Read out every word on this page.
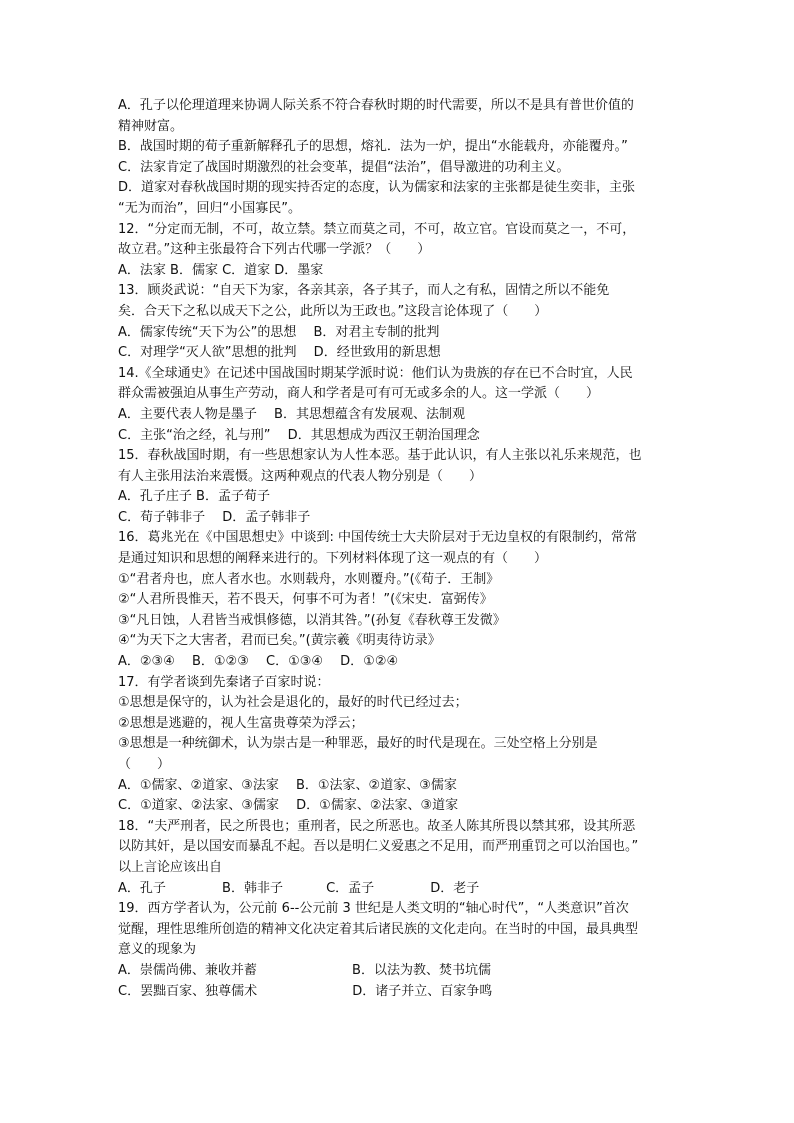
A．孔子以伦理道理来协调人际关系不符合春秋时期的时代需要，所以不是具有普世价值的
精神财富。
B．战国时期的荀子重新解释孔子的思想，熔礼．法为一炉，提出“水能载舟，亦能覆舟。”
C．法家肯定了战国时期激烈的社会变革，提倡“法治”，倡导激进的功利主义。
D．道家对春秋战国时期的现实持否定的态度，认为儒家和法家的主张都是徒生奕非，主张
“无为而治”，回归“小国寡民”。
12．“分定而无制，不可，故立禁。禁立而莫之司，不可，故立官。官设而莫之一，不可，
故立君。”这种主张最符合下列古代哪一学派？（　　）
A．法家 B．儒家 C．道家 D．墨家
13．顾炎武说：“自天下为家，各亲其亲，各子其子，而人之有私，固情之所以不能免
矣．合天下之私以成天下之公，此所以为王政也。”这段言论体现了（　　）
A．儒家传统“天下为公”的思想　 B．对君主专制的批判
C．对理学“灭人欲”思想的批判　 D．经世致用的新思想
14.《全球通史》在记述中国战国时期某学派时说：他们认为贵族的存在已不合时宜，人民
群众需被强迫从事生产劳动，商人和学者是可有可无或多余的人。这一学派（　　）
A．主要代表人物是墨子　 B．其思想蕴含有发展观、法制观
C．主张“治之经，礼与刑”　 D．其思想成为西汉王朝治国理念
15．春秋战国时期，有一些思想家认为人性本恶。基于此认识，有人主张以礼乐来规范，也
有人主张用法治来震慑。这两种观点的代表人物分别是（　　）
A．孔子庄子 B．孟子荀子
C．荀子韩非子　 D．孟子韩非子
16．葛兆光在《中国思想史》中谈到: 中国传统士大夫阶层对于无边皇权的有限制约，常常
是通过知识和思想的阐释来进行的。下列材料体现了这一观点的有（　　）
①“君者舟也，庶人者水也。水则载舟，水则覆舟。”(《荀子．王制》
②“人君所畏惟天，若不畏天，何事不可为者！”(《宋史．富弼传》
③“凡日蚀，人君皆当戒惧修德，以消其咎。”(孙复《春秋尊王发微》
④“为天下之大害者，君而已矣。”(黄宗羲《明夷待访录》
A．②③④　 B．①②③　 C．①③④　 D．①②④
17．有学者谈到先秦诸子百家时说：
①思想是保守的，认为社会是退化的，最好的时代已经过去；
②思想是逃避的，视人生富贵尊荣为浮云；
③思想是一种统御术，认为崇古是一种罪恶，最好的时代是现在。三处空格上分别是
（　　）
A．①儒家、②道家、③法家　 B．①法家、②道家、③儒家
C．①道家、②法家、③儒家　 D．①儒家、②法家、③道家
18．“夫严刑者，民之所畏也；重刑者，民之所恶也。故圣人陈其所畏以禁其邪，设其所恶
以防其奸，是以国安而暴乱不起。吾以是明仁义爱惠之不足用，而严刑重罚之可以治国也。”
以上言论应该出自
A．孔子　　　　 B．韩非子　　　 C．孟子　　　　 D．老子
19．西方学者认为，公元前 6--公元前 3 世纪是人类文明的“轴心时代”，“人类意识”首次
觉醒，理性思维所创造的精神文化决定着其后诸民族的文化走向。在当时的中国，最具典型
意义的现象为
A．崇儒尚佛、兼收并蓄　　　　　　　 B．以法为教、焚书坑儒
C．罢黜百家、独尊儒术　　　　　　　 D．诸子并立、百家争鸣
